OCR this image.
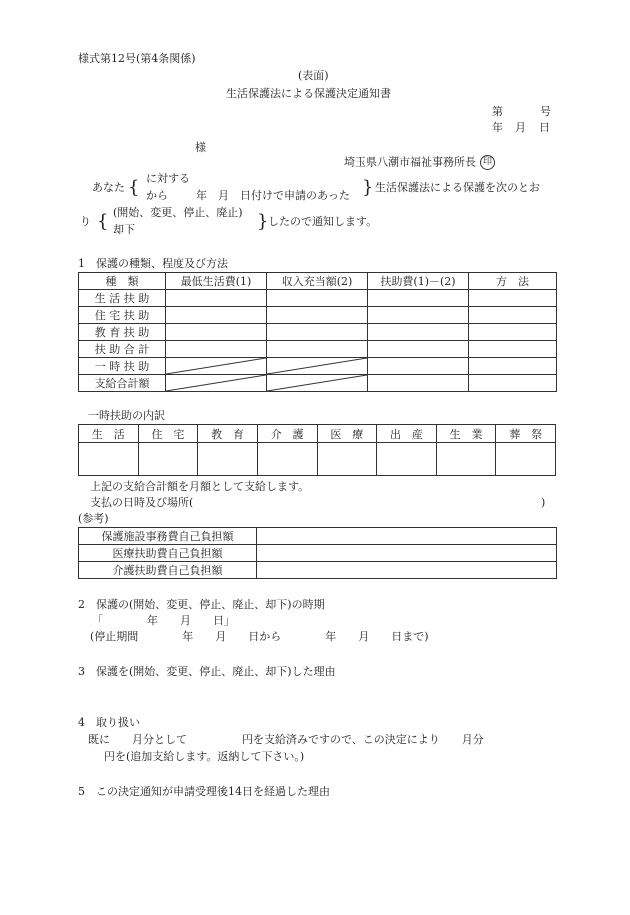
様式第12号(第4条関係)
(表面)
生活保護法による保護決定通知書
第	号
年 月 日
様
埼玉県八潮市福祉事務所長 印
あなた { に対する
から	年　月　日付けで申請のあった } 生活保護法による保護を次のとお
り { (開始、変更、停止、廃止)
却下	} したので通知します。
1　保護の種類、程度及び方法
種　類	最低生活費(1)	収入充当額(2)	扶助費(1)－(2)	方　法
生 活 扶 助				
住 宅 扶 助				
教 育 扶 助				
扶 助 合 計				
一 時 扶 助	

支給合計額	

一時扶助の内訳
生　活	住　宅	教　育	介　護	医　療	出　産	生　業	葬　祭

上記の支給合計額を月額として支給します。
支払の日時及び場所(	)
(参考)
保護施設事務費自己負担額	
医療扶助費自己負担額	
介護扶助費自己負担額	
2　保護の(開始、変更、停止、廃止、却下)の時期
「　　　　年　　月　　日」
(停止期間　　　　年　　月　　日から　　　　年　　月　　日まで)
3　保護を(開始、変更、停止、廃止、却下)した理由
4　取り扱い
既に　　月分として　　　　　円を支給済みですので、この決定により　　月分
円を(追加支給します。返納して下さい。)
5　この決定通知が申請受理後14日を経過した理由
